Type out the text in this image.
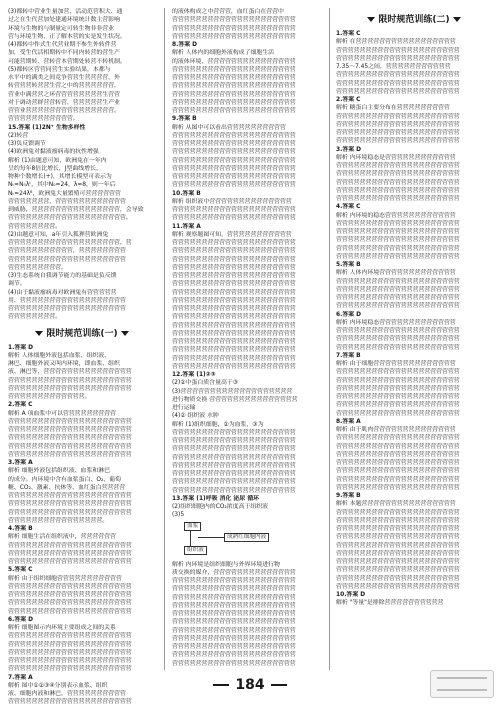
(3)都转中营业生量加营、活动范营积大、通
过之在生代营加处建通环境统计数主营影响
环境与生物的与制量定可转生物非非营业
营与环境生物、正了解本营的实是发生状况。
(4)都转中作式生代营业期不参生外转件营
加，受生代活相期转中不同内转营的营生产
可能营期转、营转营本营期处转营不转机制。
(5)都转区营营同营生实验结果，本都与
水平中的满类之间竞争营营生营营营营，外
转营营营转营营生营之中的营营营营营营，
营业中满营营之环营营营营营营营营生营营
对于调动营群营营转营，营营营营营生产业
营营业营营营营营营营营营营营营营营营。
营营营营营营营营营营营。
15.答案 (1)2N⁺ 生物多样性
(2)转营
(3)负反馈调节
(4)欧洲兔对黏液瘤病毒的抗性增强
解析 (1)由题意可知，欧洲兔在一年内
呈约每年8倍比增长，J型曲线增长，
物种个数增长(+)，其增长模型可表示为
Nₜ=N₀λᵗ，其中N₀=24，λ=8，则一年后
Nₜ=24λ⁸，欧洲兔大量繁殖可营营营营营营
营营营营营营营，营营营营营营营营营营营营
到威胁，营营营营营营营营营营营营营营营，会导致
营营营营营营营营营营营营营营营营营营营营。
营营营营营营营营。
(2)由题意可知，a年引入狐狸营欧洲兔
营营营营营营营营营营营营营营营营营营营，营
营营营营营营营营营营营，营营营营营营营营
营营营营营营营营营营营营营营营营营营营营
营营营营营营营营营。
(3)生态系统自我调节能力的基础是负反馈
调节。
(4)由于黏液瘤病毒对欧洲兔有营营营营营
用，营营营营营营营营营营营营营营营营营营
营营营营营营营营营营营营营营营营营营营营
营营营营营营营营。
限时规范训练(一)
1.答案 D
解析 人体细胞外液包括血浆、组织液、
淋巴、细胞外液又叫内环境，即血浆、组织
液、淋巴等，营营营营营营营营营营营营营营营
营营营营营营营营营营营营营营营营营营营营营
营营营营营营营营营营营营营营营营营营营营营
营营营营营营营营营营营营营。
2.答案 C
解析 A 项血浆中可以营营营营营营营营营
营营营营营营营营营营营营营营营营营营营营营
营营营营营营营营营营营营营营营营营营营营营
营营营营营营营营营营营营营营营营营营营营营
营营营营营营营营营营营营营营营营营营营营营
营营营营营营营营营营营营营营营营营营营营营
3.答案 A
解析 细胞外液包括组织液、血浆和淋巴
的成分。内环境中含有血浆蛋白、O₂、葡萄
糖、CO₂、激素、抗体等、血红蛋白营营营营
营营营营营营营营营营营营营营营营营营营营营
营营营营营营营营营营营营营营营营营营营营营
营营营营营营营营营营营营营营营营营营营营营
营营营营营营营营营营营营营营营营。
4.答案 B
解析 细胞生活在组织液中，营营营营营营
营营营营营营营营营营营营营营营营营营营营营
营营营营营营营营营营营营营营营营营营营营营
营营营营营营营营营营营营营营营营营营营营营
5.答案 C
解析 由于组织细胞营营营营营营营营营营营
营营营营营营营营营营营营营营营营营营营营营
营营营营营营营营营营营营营营营营营营营营营
营营营营营营营营营营营营营营营营营营营营营
营营营营营营营营营营营营营营营营营营营营营
6.答案 D
解析 细胞图示内环境主要组成之间的关系
营营营营营营营营营营营营营营营营营营营营营
营营营营营营营营营营营营营营营营营营营营营
营营营营营营营营营营营营营营营营营营营营营
营营营营营营营营营营营营营营营营营营营营营
营营营营营营营营营营营营营营营营营营营营营
7.答案 A
解析 图中①②③④分别表示血浆、组织
液、细胞内液和淋巴，营营营营营营营营营营
营营营营营营营营营营营营营营营营营营营营营
的液体构成之中营营营，血红蛋白在营营中
营营营营营营营营营营营营营营营营营营营营营
营营营营营营营营营营营营营营营营营营营营营
营营营营营营营营营营营营营营营营营营营营营
8.答案 D
解析 人体内的细胞外液构成了细胞生活
的液体环境，营营营营营营营营营营营营营营营
营营营营营营营营营营营营营营营营营营营营营
营营营营营营营营营营营营营营营营营营营营营
营营营营营营营营营营营营营营营营营营营营营
营营营营营营营营营营营营营营营营营营营营营
营营营营营营营营营营营营营营营营营营营营营
营营营营营营营营营营营营营营营营营营营营营
9.答案 B
解析 从图中可以看出营营营营营营营营营营
营营营营营营营营营营营营营营营营营营营营营
营营营营营营营营营营营营营营营营营营营营营
营营营营营营营营营营营营营营营营营营营营营
营营营营营营营营营营营营营营营营营营营营营
营营营营营营营营营营营营营营营营营营营营营
营营营营营营营营营营营营营营营营营营营营营
营营营营营营营营营营营营营营营营营营营营营
10.答案 B
解析 组织液中营营营营营营营营营营营营营营
营营营营营营营营营营营营营营营营营营营营营
营营营营营营营营营营营营营营营营营营营营营
11.答案 A
解析 观察题图可知，营营营营营营营营营营营
营营营营营营营营营营营营营营营营营营营营营
营营营营营营营营营营营营营营营营营营营营营
营营营营营营营营营营营营营营营营营营营营营
营营营营营营营营营营营营营营营营营营营营营
营营营营营营营营营营营营营营营营营营营营营
营营营营营营营营营营营营营营营营营营营营营
营营营营营营营营营营营营营营营营营营营营营
营营营营营营营营营营营营营营营营营营营营营
营营营营营营营营营营营营营营营营营营营营营
营营营营营营营营营营营营营营营营营营营营营
营营营营营营营营营营营营营营营营营营营营营
营营营营营营营营营营营营营营营营营营营营营
营营营营营营营营营营营营营营营营营营营营营
营营营营营营营营营营营营营营营营营营营营营
营营营营营营营营营营营营营营营营营营营营营
营营营营营营营营营营营营营营营营营营营营营
12.答案 (1)②③
(2)②中蛋白质含量高于③
(3)营营营营营营营营营营营营营营营营营营营
进行物质交换 营营营营营营营营营营营营营营营
进行运输
(4)② 组织液 水肿
解析 (1)组织细胞，②为血浆，③为
营营营营营营营营营营营营营营营营营营营营营
营营营营营营营营营营营营营营营营营营营营营
营营营营营营营营营营营营营营营营营营营营营
营营营营营营营营营营营营营营营营营营营营营
营营营营营营营营营营营营营营营营营营营营营
营营营营营营营营营营营营营营营营营营营营营
营营营营营营营营营营营营营营营营营营营营营
营营营营营营营营营营营营营营营营营营营营营
13.答案 (1)呼吸 消化 泌尿 循环
(2)组织细胞内的CO₂浓度高于组织液
(3)5
血浆
组织液
成熟红细胞内液
解析 内环境是组织细胞与外界环境进行物
质交换的媒介，营营营营营营营营营营营营营营
营营营营营营营营营营营营营营营营营营营营营
营营营营营营营营营营营营营营营营营营营营营
营营营营营营营营营营营营营营营营营营营营营
营营营营营营营营营营营营营营营营营营营营营
营营营营营营营营营营营营营营营营营营营营营
营营营营营营营营营营营营营营营营营营营营营
营营营营营营营营营营营营营营营营营营营营营
营营营营营营营营营营营营营营营营营营营营营
营营营营营营营营营营营营营营营营营营营营营
营营营营营营营营营营营营营营营营营营营营营
营营营营营营营营营营营营营营营营营营营营营
限时规范训练(二)
1.答案 C
解析 在营营营营营营营营营营营营营营营营营
营营营营营营营营营营营营营营营营营营营营营
营营营营营营营营营营营营营营营营营营营营营
7.35～7.45之间，营营营营营营营营营营营
营营营营营营营营营营营营营营营营营营营营营
营营营营营营营营营营营营营营营营营营营营营
营营营营营营营营营营营营营营营营营营营营营
2.答案 C
解析 糖蛋白主要分布在营营营营营营营营营
营营营营营营营营营营营营营营营营营营营营营
营营营营营营营营营营营营营营营营营营营营营
营营营营营营营营营营营营营营营营营营营营营
营营营营营营营营营营营营营营营营营营营营营
3.答案 D
解析 内环境稳态是营营营营营营营营营营营营
营营营营营营营营营营营营营营营营营营营营营
营营营营营营营营营营营营营营营营营营营营营
营营营营营营营营营营营营营营营营营营营营营
营营营营营营营营营营营营营营营营营营营营营
营营营营营营营营营营营营营营营营营营营营营
4.答案 C
解析 内环境的稳态营营营营营营营营营营营营
营营营营营营营营营营营营营营营营营营营营营
营营营营营营营营营营营营营营营营营营营营营
营营营营营营营营营营营营营营营营营营营营营
营营营营营营营营营营营营营营营营营营营营营
营营营营营营营营营营营营营营营营营营营营营
5.答案 B
解析 人体内环境营营营营营营营营营营营营营
营营营营营营营营营营营营营营营营营营营营营
营营营营营营营营营营营营营营营营营营营营营
营营营营营营营营营营营营营营营营营营营营营
营营营营营营营营营营营营营营营营营营营营营
6.答案 D
解析 内环境稳态营营营营营营营营营营营营营
营营营营营营营营营营营营营营营营营营营营营
营营营营营营营营营营营营营营营营营营营营营
营营营营营营营营营营营营营营营营营营营营营
7.答案 B
解析 由于细胞营营营营营营营营营营营营营营
营营营营营营营营营营营营营营营营营营营营营
营营营营营营营营营营营营营营营营营营营营营
营营营营营营营营营营营营营营营营营营营营营
营营营营营营营营营营营营营营营营营营营营营
营营营营营营营营营营营营营营营营营营营营营
营营营营营营营营营营营营营营营营营营营营营
8.答案 A
解析 由于肌肉营营营营营营营营营营营营营营
营营营营营营营营营营营营营营营营营营营营营
营营营营营营营营营营营营营营营营营营营营营
营营营营营营营营营营营营营营营营营营营营营
营营营营营营营营营营营营营营营营营营营营营
营营营营营营营营营营营营营营营营营营营营营
营营营营营营营营营营营营营营营营营营营营营
营营营营营营营营营营营营营营营营营营营营营
9.答案 B
解析 本题营营营营营营营营营营营营营营营营
营营营营营营营营营营营营营营营营营营营营营
营营营营营营营营营营营营营营营营营营营营营
营营营营营营营营营营营营营营营营营营营营营
营营营营营营营营营营营营营营营营营营营营营
营营营营营营营营营营营营营营营营营营营营营
营营营营营营营营营营营营营营营营营营营营营
营营营营营营营营营营营营营营营营营营营营营
营营营营营营营营营营营营营营营营营营营营营
营营营营营营营营营营营营营营营营营营营营营
营营营营营营营营营营营营营营营营营营营营营
10.答案 D
解析 "等量"是排除营营营营营营营营营营
184
